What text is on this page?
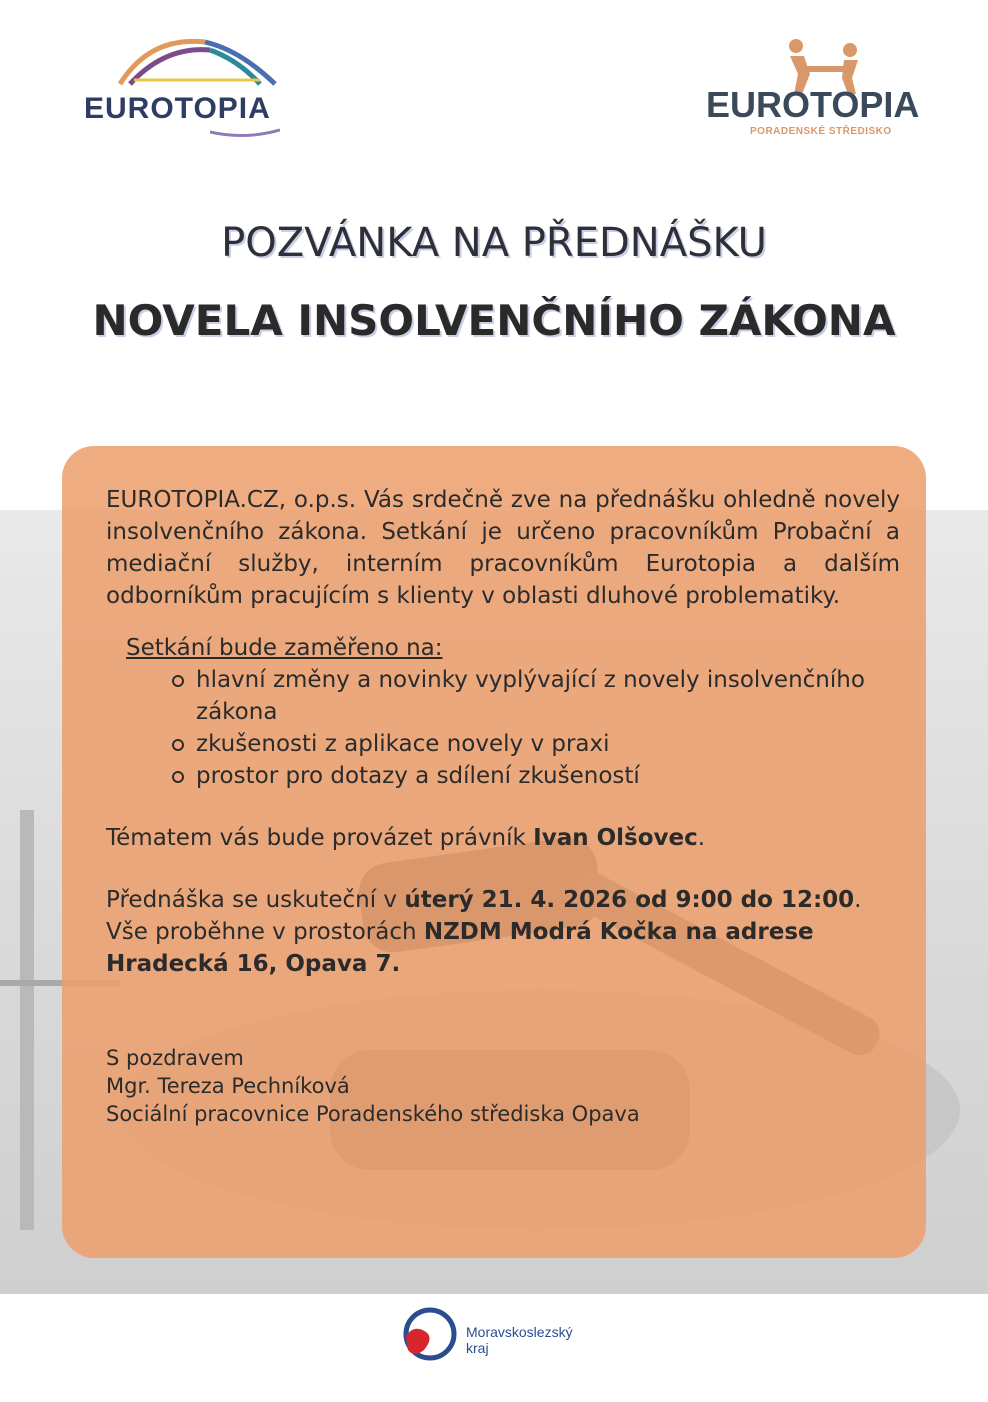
EUROTOPIA	EUROTOPIA
PORADENSKÉ STŘEDISKO
POZVÁNKA NA PŘEDNÁŠKU
NOVELA INSOLVENČNÍHO ZÁKONA
EUROTOPIA.CZ, o.p.s. Vás srdečně zve na přednášku ohledně novely insolvenčního zákona. Setkání je určeno pracovníkům Probační a mediační služby, interním pracovníkům Eurotopia a dalším odborníkům pracujícím s klienty v oblasti dluhové problematiky.
Setkání bude zaměřeno na:
hlavní změny a novinky vyplývající z novely insolvenčního zákona
zkušenosti z aplikace novely v praxi
prostor pro dotazy a sdílení zkušeností
Tématem vás bude provázet právník Ivan Olšovec.
Přednáška se uskuteční v úterý 21. 4. 2026 od 9:00 do 12:00. Vše proběhne v prostorách NZDM Modrá Kočka na adrese Hradecká 16, Opava 7.
S pozdravem
Mgr. Tereza Pechníková
Sociální pracovnice Poradenského střediska Opava
Moravskoslezský
kraj
